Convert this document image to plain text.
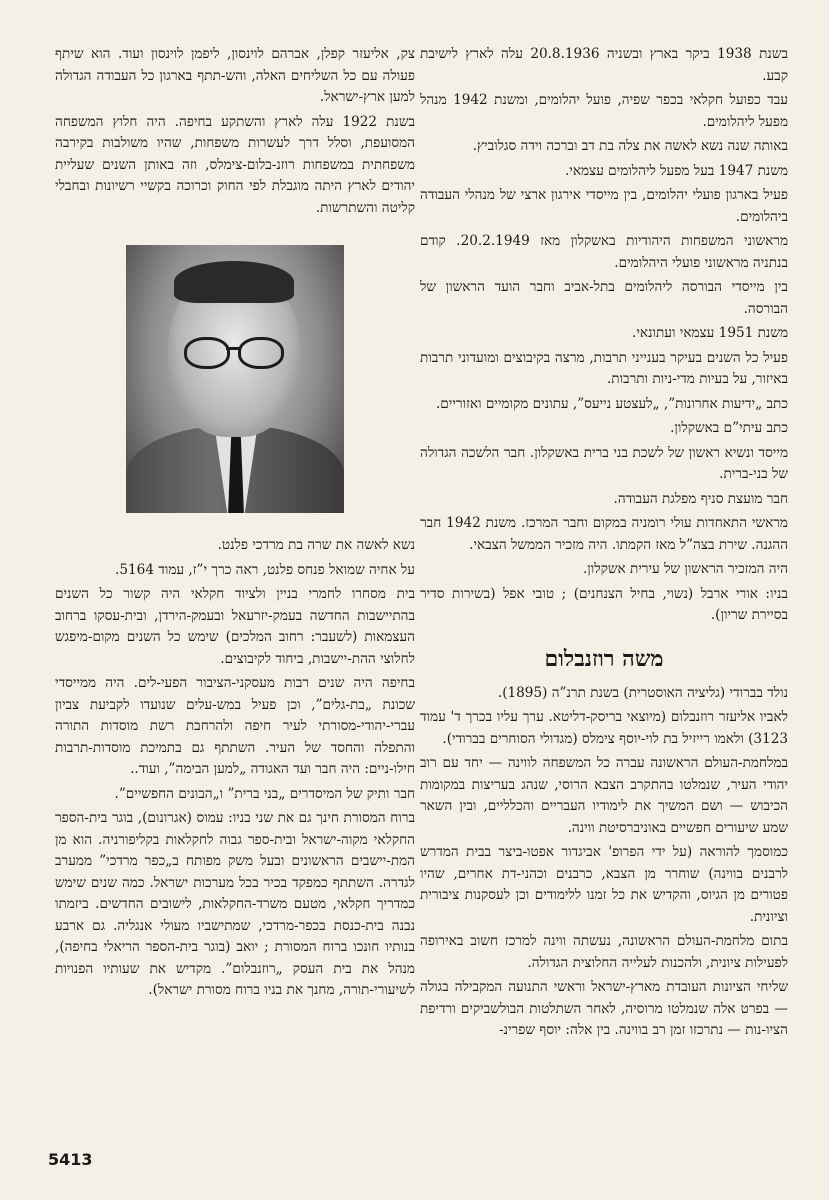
בשנת 1938 ביקר בארץ ובשניה 20.8.1936 עלה לארץ לישיבת קבע.

עבד כפועל חקלאי בכפר שפיה, פועל יהלומים, ומשנת 1942 מנהל מפעל ליהלומים.

באותה שנה נשא לאשה את צלה בת דב וברכה וידה סגלוביץ.

משנת 1947 בעל מפעל ליהלומים עצמאי.

פעיל בארגון פועלי יהלומים, בין מייסדי אירגון ארצי של מנהלי העבודה ביהלומים.

מראשוני המשפחות היהודיות באשקלון מאז 20.2.1949. קודם בנתניה מראשוני פועלי היהלומים.

בין מייסדי הבורסה ליהלומים בתל-אביב וחבר הועד הראשון של הבורסה.

משנת 1951 עצמאי ועתונאי.

פעיל כל השנים בעיקר בענייני תרבות, מרצה בקיבוצים ומועדוני תרבות באיזור, על בעיות מדי-ניות ותרבות.

כתב „ידיעות אחרונות”, „לעצטע נייעס”, עתונים מקומיים ואזוריים.

כתב עיתי”ם באשקלון.

מייסד ונשיא ראשון של לשכת בני ברית באשקלון. חבר הלשכה הגדולה של בני-ברית.

חבר מועצת סניף מפלגת העבודה.

מראשי התאחדות עולי רומניה במקום וחבר המרכז. משנת 1942 חבר ההגנה. שירת בצה”ל מאז הקמתו. היה מזכיר הממשל הצבאי.

היה המזכיר הראשון של עירית אשקלון.

בניו: אורי ארבל (נשוי, בחיל הצנחנים) ; טובי אפל (בשירות סדיר בסיירת שריון).

משה רוזנבלום

נולד בברודי (גליציה האוסטרית) בשנת תרנ”ה (1895).

לאביו אליעזר רוזנבלום (מיוצאי בריסק-דליטא. ערך עליו בכרך ד' עמוד 3123) ולאמו רייזיל בת לוי-יוסף צימלס (מגדולי הסוחרים בברודי).

במלחמת-העולם הראשונה עברה כל המשפחה לווינה — יחד עם רוב יהודי העיר, שנמלטו בהתקרב הצבא הרוסי, שנהג בעריצות במקומות הכיבוש — ושם המשיך את לימודיו העבריים והכלליים, ובין השאר שמע שיעורים חפשיים באוניברסיטת ווינה.

כמוסמך להוראה (על ידי הפרופ' אביגדור אפטו-ביצר בבית המדרש לרבנים בווינה) שוחרר מן הצבא, כרבנים וכהני-דת אחרים, שהיו פטורים מן הגיוס, והקדיש את כל זמנו ללימודים וכן לעסקנות ציבורית וציונית.

בתום מלחמת-העולם הראשונה, נעשתה ווינה למרכז חשוב באירופה לפעילות ציונית, ולהכנות לעלייה החלוצית הגדולה.

שליחי הציונות העובדת מארץ-ישראל וראשי התנועה המקבילה בגולה — בפרט אלה שנמלטו מרוסיה, לאחר השתלטות הבולשביקים ורדיפת הציו-נות — נתרכזו זמן רב בווינה. בין אלה: יוסף שפרינ-

צק, אליעזר קפלן, אברהם לוינסון, ליפמן לוינסון ועוד. הוא שיתף פעולה עם כל השליחים האלה, והש-תתף בארגון כל העבודה הגדולה למען ארץ-ישראל.

בשנת 1922 עלה לארץ והשתקע בחיפה. היה חלוץ המשפחה המסועפת, וסלל דרך לעשרות משפחות, שהיו משולבות בקירבה משפחתית במשפחות רוזנ-בלום-צימלס, וזה באותן השנים שעליית יהודים לארץ היתה מוגבלת לפי החוק וכרוכה בקשיי רשיונות ובחבלי קליטה והשתרשות.

נשא לאשה את שרה בת מרדכי פלנט.

על אחיה שמואל פנחס פלנט, ראה כרך י”ז, עמוד 5164.

בית מסחרו לחמרי בניין ולציוד חקלאי היה קשור כל השנים בהתיישבות החדשה בעמק-יזרעאל ובעמק-הירדן, ובית-עסקו ברחוב העצמאות (לשעבר: רחוב המלכים) שימש כל השנים מקום-מיפגש לחלוצי ההת-יישבות, ביחוד לקיבוצים.

בחיפה היה שנים רבות מעסקני-הציבור הפעי-לים. היה ממייסדי שכונת „בת-גלים”, וכן פעיל במש-עלים שנועדו לקביעת צביון עברי-יהודי-מסורתי לעיר חיפה ולהרחבת רשת מוסדות התורה והתפלה והחסד של העיר. השתתף גם בתמיכת מוסדות-תרבות חילו-ניים: היה חבר ועד האגודה „למען הבימה”, ועוד..

חבר ותיק של המיסדרים „בני ברית” ו„הבונים החפשיים”.

ברוח המסורת חינך גם את שני בניו: עמוס (אגרונום), בוגר בית-הספר החקלאי מקוה-ישראל ובית-ספר גבוה לחקלאות בקליפורניה. הוא מן המת-יישבים הראשונים ובעל משק מפותח ב„כפר מרדכי” ממערב לגדרה. השתתף כמפקד בכיר בכל מערכות ישראל. כמה שנים שימש כמדריך חקלאי, מטעם משרד-החקלאות, לישובים החדשים. ביזמתו נבנה בית-כנסת בכפר-מרדכי, שמתישביו מעולי אנגליה. גם ארבע בנותיו חונכו ברוח המסורת ; יואב (בוגר בית-הספר הריאלי בחיפה), מנהל את בית העסק „רוזנבלום”. מקדיש את שעותיו הפנויות לשיעורי-תורה, מחנך את בניו ברוח מסורת ישראל).

5413
